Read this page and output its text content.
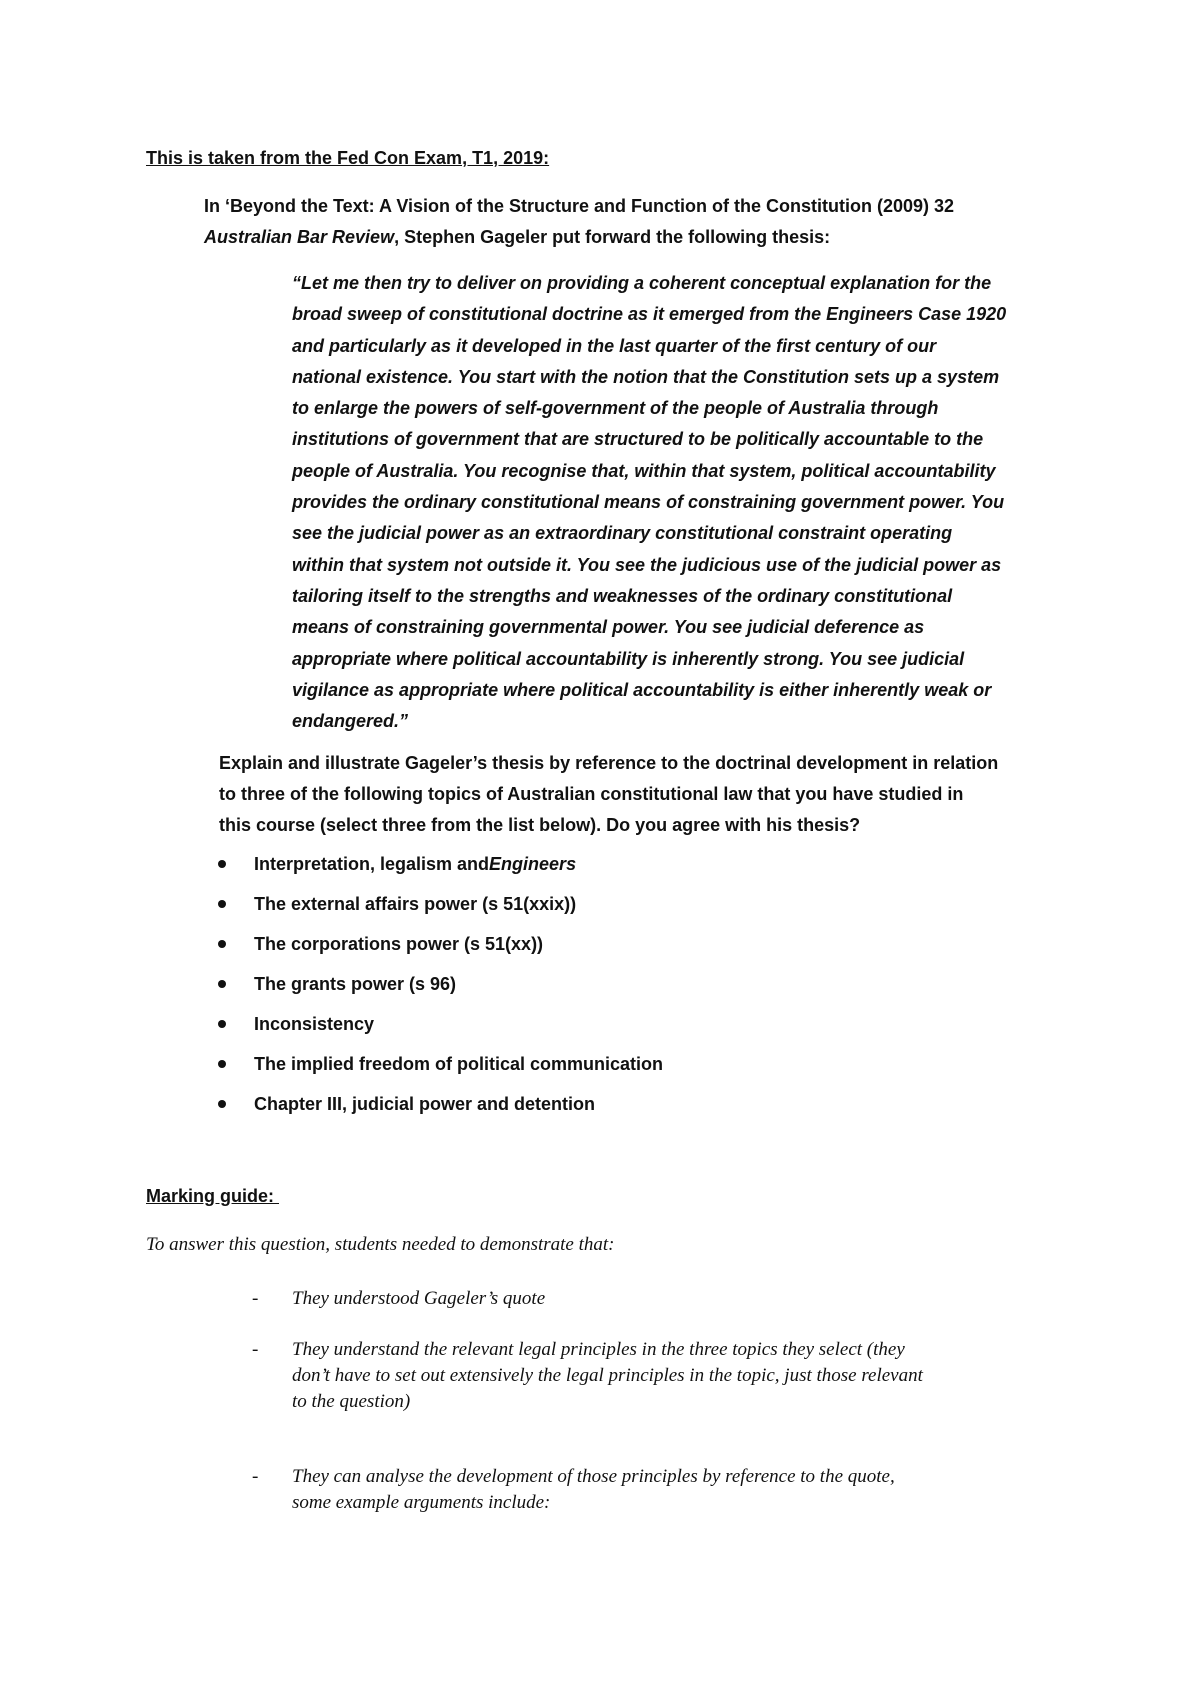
This is taken from the Fed Con Exam, T1, 2019:
In ‘Beyond the Text: A Vision of the Structure and Function of the Constitution (2009) 32
Australian Bar Review, Stephen Gageler put forward the following thesis:
“Let me then try to deliver on providing a coherent conceptual explanation for the
broad sweep of constitutional doctrine as it emerged from the Engineers Case 1920
and particularly as it developed in the last quarter of the first century of our
national existence. You start with the notion that the Constitution sets up a system
to enlarge the powers of self-government of the people of Australia through
institutions of government that are structured to be politically accountable to the
people of Australia. You recognise that, within that system, political accountability
provides the ordinary constitutional means of constraining government power. You
see the judicial power as an extraordinary constitutional constraint operating
within that system not outside it. You see the judicious use of the judicial power as
tailoring itself to the strengths and weaknesses of the ordinary constitutional
means of constraining governmental power. You see judicial deference as
appropriate where political accountability is inherently strong. You see judicial
vigilance as appropriate where political accountability is either inherently weak or
endangered.”
Explain and illustrate Gageler’s thesis by reference to the doctrinal development in relation
to three of the following topics of Australian constitutional law that you have studied in
this course (select three from the list below). Do you agree with his thesis?
Interpretation, legalism and Engineers
The external affairs power (s 51(xxix))
The corporations power (s 51(xx))
The grants power (s 96)
Inconsistency
The implied freedom of political communication
Chapter III, judicial power and detention
Marking guide:
To answer this question, students needed to demonstrate that:
- They understood Gageler’s quote
- They understand the relevant legal principles in the three topics they select (they
don’t have to set out extensively the legal principles in the topic, just those relevant
to the question)
- They can analyse the development of those principles by reference to the quote,
some example arguments include:
